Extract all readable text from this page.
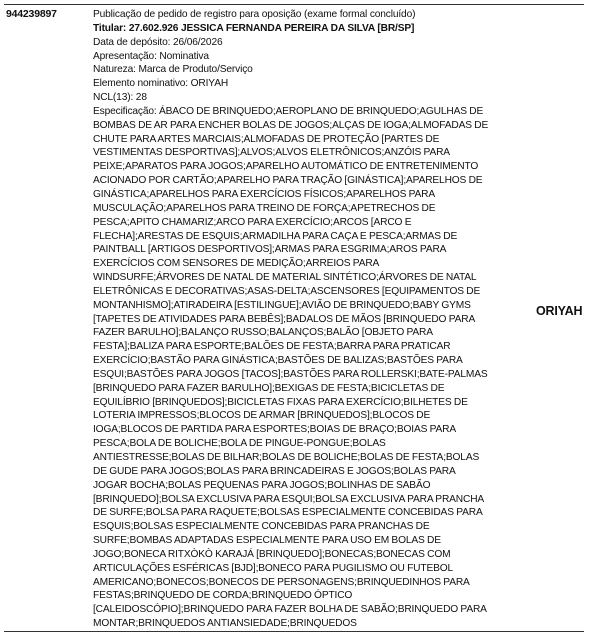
944239897	Publicação de pedido de registro para oposição (exame formal concluído)
Titular: 27.602.926 JESSICA FERNANDA PEREIRA DA SILVA [BR/SP]
Data de depósito: 26/06/2026
Apresentação: Nominativa
Natureza: Marca de Produto/Serviço
Elemento nominativo: ORIYAH
NCL(13): 28
Especificação: ÁBACO DE BRINQUEDO;AEROPLANO DE BRINQUEDO;AGULHAS DE BOMBAS DE AR PARA ENCHER BOLAS DE JOGOS;ALÇAS DE IOGA;ALMOFADAS DE CHUTE PARA ARTES MARCIAIS;ALMOFADAS DE PROTEÇÃO [PARTES DE VESTIMENTAS DESPORTIVAS];ALVOS;ALVOS ELETRÔNICOS;ANZÓIS PARA PEIXE;APARATOS PARA JOGOS;APARELHO AUTOMÁTICO DE ENTRETENIMENTO ACIONADO POR CARTÃO;APARELHO PARA TRAÇÃO [GINÁSTICA];APARELHOS DE GINÁSTICA;APARELHOS PARA EXERCÍCIOS FÍSICOS;APARELHOS PARA MUSCULAÇÃO;APARELHOS PARA TREINO DE FORÇA;APETRECHOS DE PESCA;APITO CHAMARIZ;ARCO PARA EXERCÍCIO;ARCOS [ARCO E FLECHA];ARESTAS DE ESQUIS;ARMADILHA PARA CAÇA E PESCA;ARMAS DE PAINTBALL [ARTIGOS DESPORTIVOS];ARMAS PARA ESGRIMA;AROS PARA EXERCÍCIOS COM SENSORES DE MEDIÇÃO;ARREIOS PARA WINDSURFE;ÁRVORES DE NATAL DE MATERIAL SINTÉTICO;ÁRVORES DE NATAL ELETRÔNICAS E DECORATIVAS;ASAS-DELTA;ASCENSORES [EQUIPAMENTOS DE MONTANHISMO];ATIRADEIRA [ESTILINGUE];AVIÃO DE BRINQUEDO;BABY GYMS [TAPETES DE ATIVIDADES PARA BEBÊS];BADALOS DE MÃOS [BRINQUEDO PARA FAZER BARULHO];BALANÇO RUSSO;BALANÇOS;BALÃO [OBJETO PARA FESTA];BALIZA PARA ESPORTE;BALÕES DE FESTA;BARRA PARA PRATICAR EXERCÍCIO;BASTÃO PARA GINÁSTICA;BASTÕES DE BALIZAS;BASTÕES PARA ESQUI;BASTÕES PARA JOGOS [TACOS];BASTÕES PARA ROLLERSKI;BATE-PALMAS [BRINQUEDO PARA FAZER BARULHO];BEXIGAS DE FESTA;BICICLETAS DE EQUILÍBRIO [BRINQUEDOS];BICICLETAS FIXAS PARA EXERCÍCIO;BILHETES DE LOTERIA IMPRESSOS;BLOCOS DE ARMAR [BRINQUEDOS];BLOCOS DE IOGA;BLOCOS DE PARTIDA PARA ESPORTES;BOIAS DE BRAÇO;BOIAS PARA PESCA;BOLA DE BOLICHE;BOLA DE PINGUE-PONGUE;BOLAS ANTIESTRESSE;BOLAS DE BILHAR;BOLAS DE BOLICHE;BOLAS DE FESTA;BOLAS DE GUDE PARA JOGOS;BOLAS PARA BRINCADEIRAS E JOGOS;BOLAS PARA JOGAR BOCHA;BOLAS PEQUENAS PARA JOGOS;BOLINHAS DE SABÃO [BRINQUEDO];BOLSA EXCLUSIVA PARA ESQUI;BOLSA EXCLUSIVA PARA PRANCHA DE SURFE;BOLSA PARA RAQUETE;BOLSAS ESPECIALMENTE CONCEBIDAS PARA ESQUIS;BOLSAS ESPECIALMENTE CONCEBIDAS PARA PRANCHAS DE SURFE;BOMBAS ADAPTADAS ESPECIALMENTE PARA USO EM BOLAS DE JOGO;BONECA RITXÒKÒ KARAJÁ [BRINQUEDO];BONECAS;BONECAS COM ARTICULAÇÕES ESFÉRICAS [BJD];BONECO PARA PUGILISMO OU FUTEBOL AMERICANO;BONECOS;BONECOS DE PERSONAGENS;BRINQUEDINHOS PARA FESTAS;BRINQUEDO DE CORDA;BRINQUEDO ÓPTICO [CALEIDOSCÓPIO];BRINQUEDO PARA FAZER BOLHA DE SABÃO;BRINQUEDO PARA MONTAR;BRINQUEDOS ANTIANSIEDADE;BRINQUEDOS
ORIYAH
